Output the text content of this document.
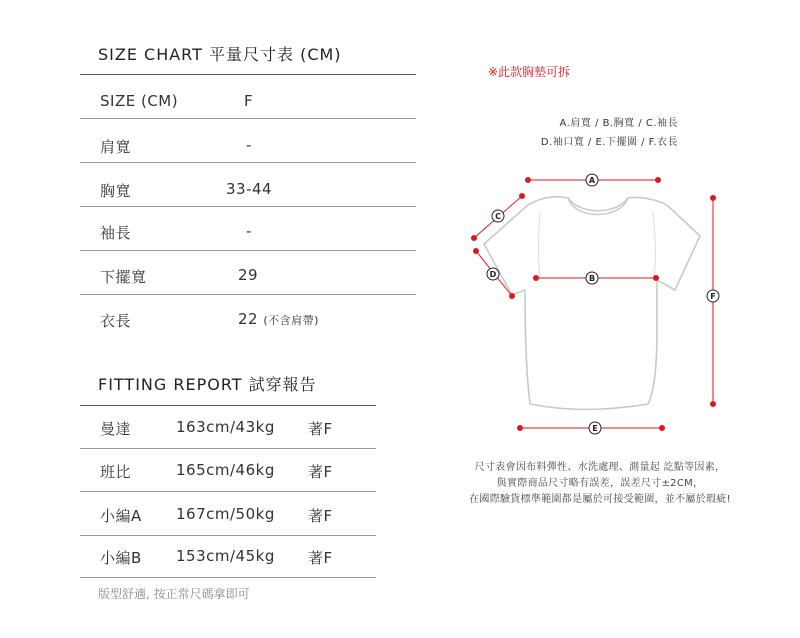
SIZE CHART 平量尺寸表 (CM)
SIZE (CM)	F
肩寬	-
胸寬	33-44
袖長	-
下擺寬	29
衣長	22 (不含肩帶)
FITTING REPORT 試穿報告
曼達	163cm/43kg 著F
班比	165cm/46kg 著F
小編A 167cm/50kg 著F
小編B 153cm/45kg 著F
版型舒適, 按正常尺碼拿即可
※此款胸墊可拆
A.肩寬 / B.胸寬 / C.袖長
D.袖口寬 / E.下擺圍 / F.衣長
A
B
C
D
E
F
尺寸表會因布料彈性、水洗處理、測量起 訖點等因素，
與實際商品尺寸略有誤差，誤差尺寸±2CM，
在國際驗貨標準範圍都是屬於可接受範圍，並不屬於瑕疵!
